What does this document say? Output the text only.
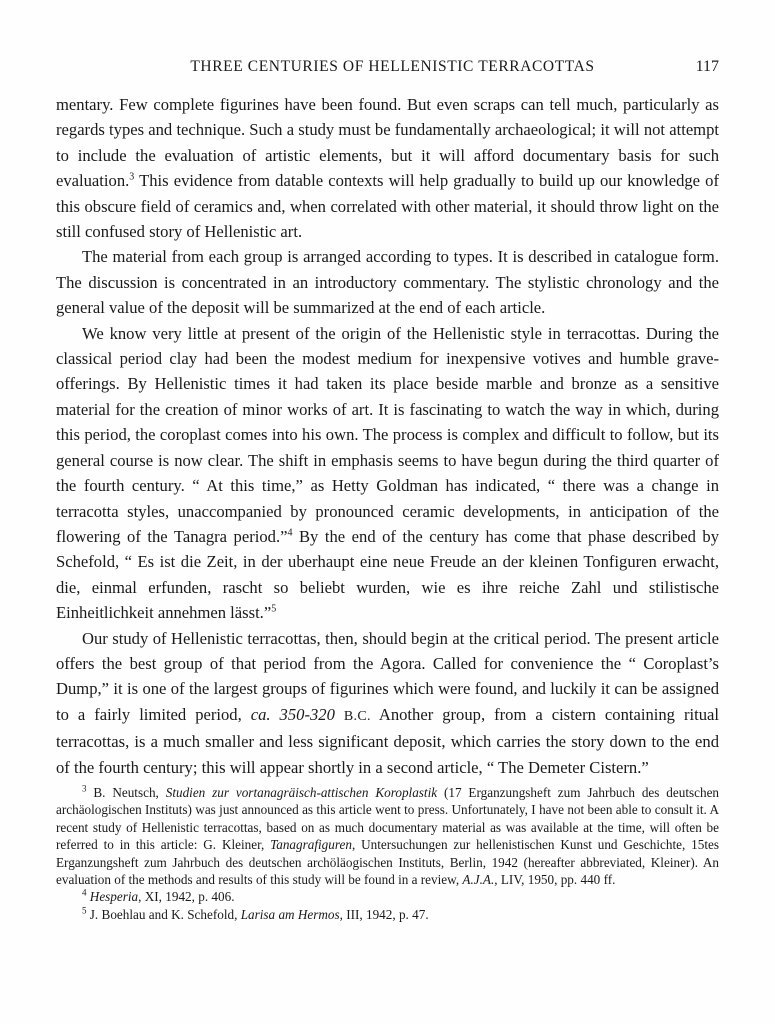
THREE CENTURIES OF HELLENISTIC TERRACOTTAS	117

mentary. Few complete figurines have been found. But even scraps can tell much, particularly as regards types and technique. Such a study must be fundamentally archaeological; it will not attempt to include the evaluation of artistic elements, but it will afford documentary basis for such evaluation.$^3$ This evidence from datable contexts will help gradually to build up our knowledge of this obscure field of ceramics and, when correlated with other material, it should throw light on the still confused story of Hellenistic art.

The material from each group is arranged according to types. It is described in catalogue form. The discussion is concentrated in an introductory commentary. The stylistic chronology and the general value of the deposit will be summarized at the end of each article.

We know very little at present of the origin of the Hellenistic style in terracottas. During the classical period clay had been the modest medium for inexpensive votives and humble grave-offerings. By Hellenistic times it had taken its place beside marble and bronze as a sensitive material for the creation of minor works of art. It is fascinating to watch the way in which, during this period, the coroplast comes into his own. The process is complex and difficult to follow, but its general course is now clear. The shift in emphasis seems to have begun during the third quarter of the fourth century. “ At this time,” as Hetty Goldman has indicated, “ there was a change in terracotta styles, unaccompanied by pronounced ceramic developments, in anticipation of the flowering of the Tanagra period.”$^4$ By the end of the century has come that phase described by Schefold, “ Es ist die Zeit, in der uberhaupt eine neue Freude an der kleinen Tonfiguren erwacht, die, einmal erfunden, rascht so beliebt wurden, wie es ihre reiche Zahl und stilistische Einheitlichkeit annehmen lässt.”$^5$

Our study of Hellenistic terracottas, then, should begin at the critical period. The present article offers the best group of that period from the Agora. Called for convenience the “ Coroplast’s Dump,” it is one of the largest groups of figurines which were found, and luckily it can be assigned to a fairly limited period, ca. 350-320 B.C. Another group, from a cistern containing ritual terracottas, is a much smaller and less significant deposit, which carries the story down to the end of the fourth century; this will appear shortly in a second article, “ The Demeter Cistern.”

$^3$ B. Neutsch, Studien zur vortanagräisch-attischen Koroplastik (17 Erganzungsheft zum Jahrbuch des deutschen archäologischen Instituts) was just announced as this article went to press. Unfortunately, I have not been able to consult it. A recent study of Hellenistic terracottas, based on as much documentary material as was available at the time, will often be referred to in this article: G. Kleiner, Tanagrafiguren, Untersuchungen zur hellenistischen Kunst und Geschichte, 15tes Erganzungsheft zum Jahrbuch des deutschen archöläogischen Instituts, Berlin, 1942 (hereafter abbreviated, Kleiner). An evaluation of the methods and results of this study will be found in a review, A.J.A., LIV, 1950, pp. 440 ff.

$^4$ Hesperia, XI, 1942, p. 406.

$^5$ J. Boehlau and K. Schefold, Larisa am Hermos, III, 1942, p. 47.
